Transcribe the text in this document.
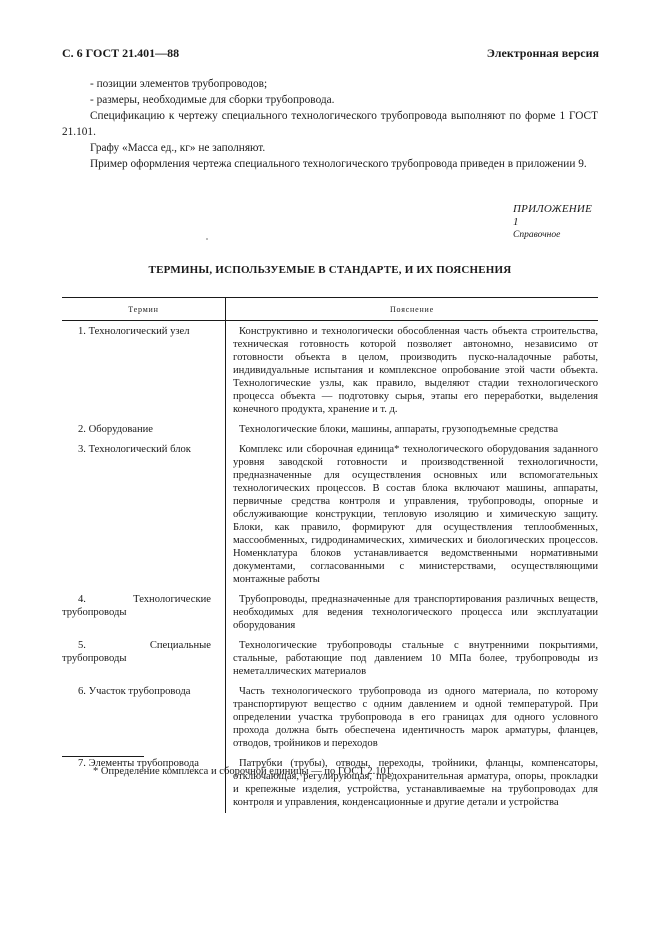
С. 6 ГОСТ 21.401—88	Электронная версия

- позиции элементов трубопроводов;

- размеры, необходимые для сборки трубопровода.

Спецификацию к чертежу специального технологического трубопровода выполняют по форме 1 ГОСТ 21.101.

Графу «Масса ед., кг» не заполняют.

Пример оформления чертежа специального технологического трубопровода приведен в приложении 9.

ПРИЛОЖЕНИЕ 1
Справочное
ТЕРМИНЫ, ИСПОЛЬЗУЕМЫЕ В СТАНДАРТЕ, И ИХ ПОЯСНЕНИЯ
Термин	Пояснение

1. Технологический узел	Конструктивно и технологически обособленная часть объекта строительства, техническая готовность которой позволяет автономно, независимо от готовности объекта в целом, производить пуско-наладочные работы, индивидуальные испытания и комплексное опробование этой части объекта. Технологические узлы, как правило, выделяют стадии технологического процесса объекта — подготовку сырья, этапы его переработки, выделения конечного продукта, хранение и т. д.

2. Оборудование	Технологические блоки, машины, аппараты, грузоподъемные средства

3. Технологический блок	Комплекс или сборочная единица* технологического оборудования заданного уровня заводской готовности и производственной технологичности, предназначенные для осуществления основных или вспомогательных технологических процессов. В состав блока включают машины, аппараты, первичные средства контроля и управления, трубопроводы, опорные и обслуживающие конструкции, тепловую изоляцию и химическую защиту. Блоки, как правило, формируют для осуществления теплообменных, массообменных, гидродинамических, химических и биологических процессов. Номенклатура блоков устанавливается ведомственными нормативными документами, согласованными с министерствами, осуществляющими монтажные работы

4. Технологические трубопроводы	Трубопроводы, предназначенные для транспортирования различных веществ, необходимых для ведения технологического процесса или эксплуатации оборудования

5. Специальные трубопроводы	Технологические трубопроводы стальные с внутренними покрытиями, стальные, работающие под давлением 10 МПа более, трубопроводы из неметаллических материалов

6. Участок трубопровода	Часть технологического трубопровода из одного материала, по которому транспортируют вещество с одним давлением и одной температурой. При определении участка трубопровода в его границах для одного условного прохода должна быть обеспечена идентичность марок арматуры, фланцев, отводов, тройников и переходов

7. Элементы трубопровода	Патрубки (трубы), отводы, переходы, тройники, фланцы, компенсаторы, отключающая, регулирующая, предохранительная арматура, опоры, прокладки и крепежные изделия, устройства, устанавливаемые на трубопроводах для контроля и управления, конденсационные и другие детали и устройства
* Определение комплекса и сборочной единицы — по ГОСТ 2.101.
